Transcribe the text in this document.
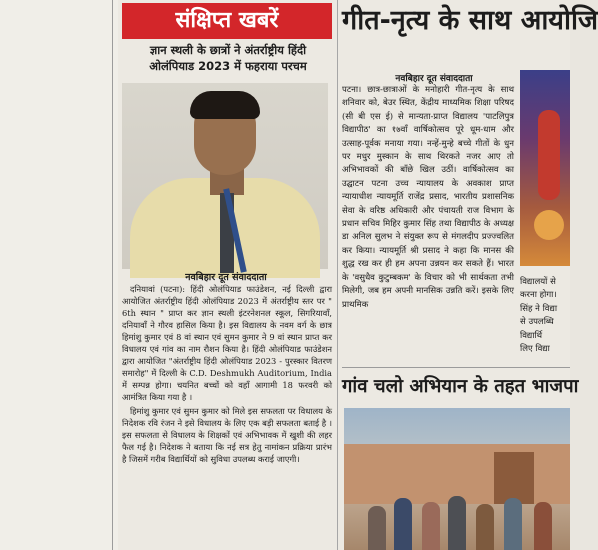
संक्षिप्त खबरें
ज्ञान स्थली के छात्रों ने अंतर्राष्ट्रीय हिंदी
ओलंपियाड 2023 में फहराया परचम
नवबिहार दूत संवाददाता

दनियावां (पटना): हिंदी ओलंपियाड फाउंडेशन, नई दिल्ली द्वारा आयोजित अंतर्राष्ट्रीय हिंदी ओलंपियाड 2023 में अंतर्राष्ट्रीय स्तर पर " 6th स्थान " प्राप्त कर ज्ञान स्थली इंटरनेशनल स्कूल, सिगरियावाँ, दनियावाँ ने गौरव हासिल किया है। इस विद्यालय के नवम वर्ग के छात्र हिमांशु कुमार एवं 8 वां स्थान एवं सुमन कुमार ने 9 वां स्थान प्राप्त कर विधालय एवं गांव का नाम रौशन किया है। हिंदी ओलंपियाड फाउंडेशन द्वारा आयोजित "अंतर्राष्ट्रीय हिंदी ओलंपियाड 2023 - पुरस्कार वितरण समारोह" में दिल्ली के C.D. Deshmukh Auditorium, India में सम्पन्न होगा। चयनित बच्चों को वहाँ आगामी 18 फरवरी को आमंत्रित किया गया है ।

हिमांशु कुमार एवं सुमन कुमार को मिले इस सफलता पर विधालय के निदेशक रवि रंजन ने इसे विधालय के लिए एक बड़ी सफलता बताई है । इस सफलता से विधालय के शिक्षकों एवं अभिभावक में खुशी की लहर फैल गई है। निदेशक ने बताया कि नई सत्र हेतु नामांकन प्रक्रिया प्रारंभ है जिसमें गरीब विद्यार्थियों को सुविधा उपलब्ध कराई जाएगी।

गीत-नृत्य के साथ आयोजि
नवबिहार दूत संवाददाता

पटना। छात्र-छात्राओं के मनोहारी गीत-नृत्य के साथ शनिवार को, बेउर स्थित, केंद्रीय माध्यमिक शिक्षा परिषद (सी बी एस ई) से मान्यता-प्राप्त विद्यालय 'पाटलिपुत्र विद्यापीठ' का १७वाँ वार्षिकोत्सव पूरे धूम-धाम और उत्साह-पूर्वक मनाया गया। नन्हें-मुन्हे बच्चे गीतों के धुन पर मधुर मुस्कान के साथ थिरकते नजर आए तो अभिभावकों की बाँछे खिल उठीं। वार्षिकोत्सव का उद्घाटन पटना उच्च न्यायालय के अवकाश प्राप्त न्यायाधीश न्यायमूर्ति राजेंद्र प्रसाद, भारतीय प्रशासनिक सेवा के वरिष्ठ अधिकारी और पंचायती राज विभाग के प्रधान सचिव मिहिर कुमार सिंह तथा विद्यापीठ के अध्यक्ष डा अनिल सुलभ ने संयुक्त रूप से मंगलदीप प्रज्ज्वलित कर किया। न्यायमूर्ति श्री प्रसाद ने कहा कि मानस की शुद्ध रख कर ही हम अपना उन्नयन कर सकते हैं। भारत के 'वसुधैव कुटुम्बकम' के विचार को भी सार्थकता तभी मिलेगी, जब हम अपनी मानसिक उन्नति करें। इसके लिए प्राथमिक

विद्यालयों से
करना होगा।
सिंह ने विद्या
से उपलब्धि
विद्यार्थि
लिए विद्या
गांव चलो अभियान के तहत भाजपा
